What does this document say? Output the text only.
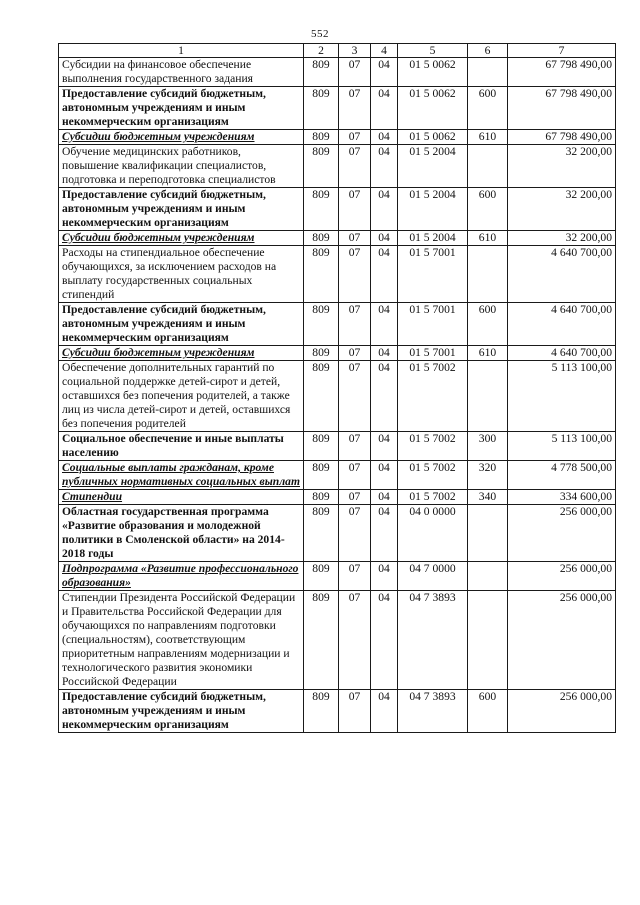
552
1	2	3	4	5	6	7
Субсидии на финансовое обеспечение выполнения государственного задания	809	07	04	01 5 0062		67 798 490,00
Предоставление субсидий бюджетным, автономным учреждениям и иным некоммерческим организациям	809	07	04	01 5 0062	600	67 798 490,00
Субсидии бюджетным учреждениям	809	07	04	01 5 0062	610	67 798 490,00
Обучение медицинских работников, повышение квалификации специалистов, подготовка и переподготовка специалистов	809	07	04	01 5 2004		32 200,00
Предоставление субсидий бюджетным, автономным учреждениям и иным некоммерческим организациям	809	07	04	01 5 2004	600	32 200,00
Субсидии бюджетным учреждениям	809	07	04	01 5 2004	610	32 200,00
Расходы на стипендиальное обеспечение обучающихся, за исключением расходов на выплату государственных социальных стипендий	809	07	04	01 5 7001		4 640 700,00
Предоставление субсидий бюджетным, автономным учреждениям и иным некоммерческим организациям	809	07	04	01 5 7001	600	4 640 700,00
Субсидии бюджетным учреждениям	809	07	04	01 5 7001	610	4 640 700,00
Обеспечение дополнительных гарантий по социальной поддержке детей-сирот и детей, оставшихся без попечения родителей, а также лиц из числа детей-сирот и детей, оставшихся без попечения родителей	809	07	04	01 5 7002		5 113 100,00
Социальное обеспечение и иные выплаты населению	809	07	04	01 5 7002	300	5 113 100,00
Социальные выплаты гражданам, кроме публичных нормативных социальных выплат	809	07	04	01 5 7002	320	4 778 500,00
Стипендии	809	07	04	01 5 7002	340	334 600,00
Областная государственная программа «Развитие образования и молодежной политики в Смоленской области» на 2014-2018 годы	809	07	04	04 0 0000		256 000,00
Подпрограмма «Развитие профессионального образования»	809	07	04	04 7 0000		256 000,00
Стипендии Президента Российской Федерации и Правительства Российской Федерации для обучающихся по направлениям подготовки (специальностям), соответствующим приоритетным направлениям модернизации и технологического развития экономики Российской Федерации	809	07	04	04 7 3893		256 000,00
Предоставление субсидий бюджетным, автономным учреждениям и иным некоммерческим организациям	809	07	04	04 7 3893	600	256 000,00
